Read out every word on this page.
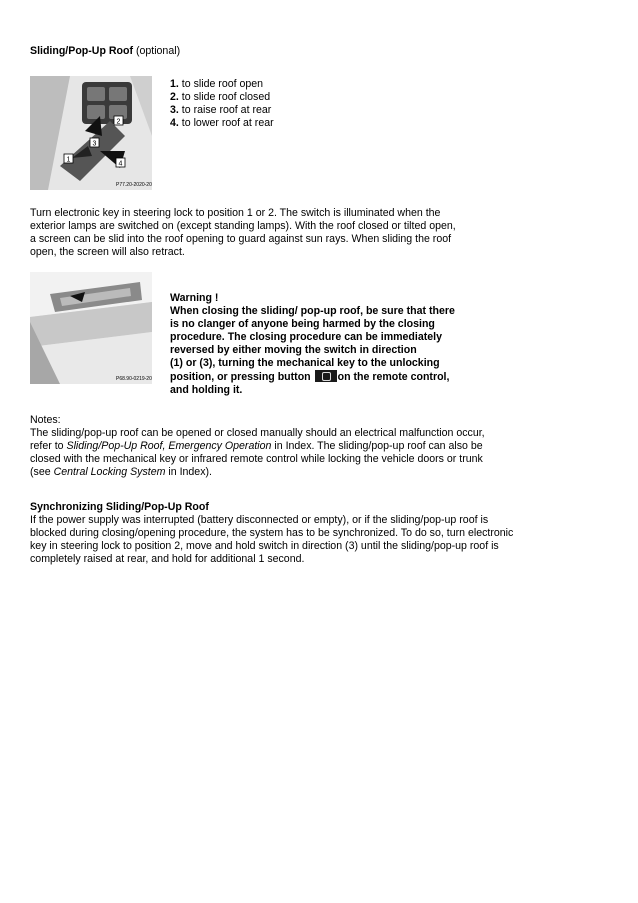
Sliding/Pop-Up Roof (optional)
1
2
3
4
P77.20-2020-20
1. to slide roof open
2. to slide roof closed
3. to raise roof at rear
4. to lower roof at rear
Turn electronic key in steering lock to position 1 or 2. The switch is illuminated when the
exterior lamps are switched on (except standing lamps). With the roof closed or tilted open,
a screen can be slid into the roof opening to guard against sun rays. When sliding the roof
open, the screen will also retract.
P68.90-0219-20
Warning !
When closing the sliding/ pop-up roof, be sure that there
is no clanger of anyone being harmed by the closing
procedure. The closing procedure can be immediately
reversed by either moving the switch in direction
(1) or (3), turning the mechanical key to the unlocking
position, or pressing button	on the remote control,
and holding it.
Notes:
The sliding/pop-up roof can be opened or closed manually should an electrical malfunction occur,
refer to Sliding/Pop-Up Roof, Emergency Operation in Index. The sliding/pop-up roof can also be
closed with the mechanical key or infrared remote control while locking the vehicle doors or trunk
(see Central Locking System in Index).
Synchronizing Sliding/Pop-Up Roof
If the power supply was interrupted (battery disconnected or empty), or if the sliding/pop-up roof is
blocked during closing/opening procedure, the system has to be synchronized. To do so, turn electronic
key in steering lock to position 2, move and hold switch in direction (3) until the sliding/pop-up roof is
completely raised at rear, and hold for additional 1 second.
